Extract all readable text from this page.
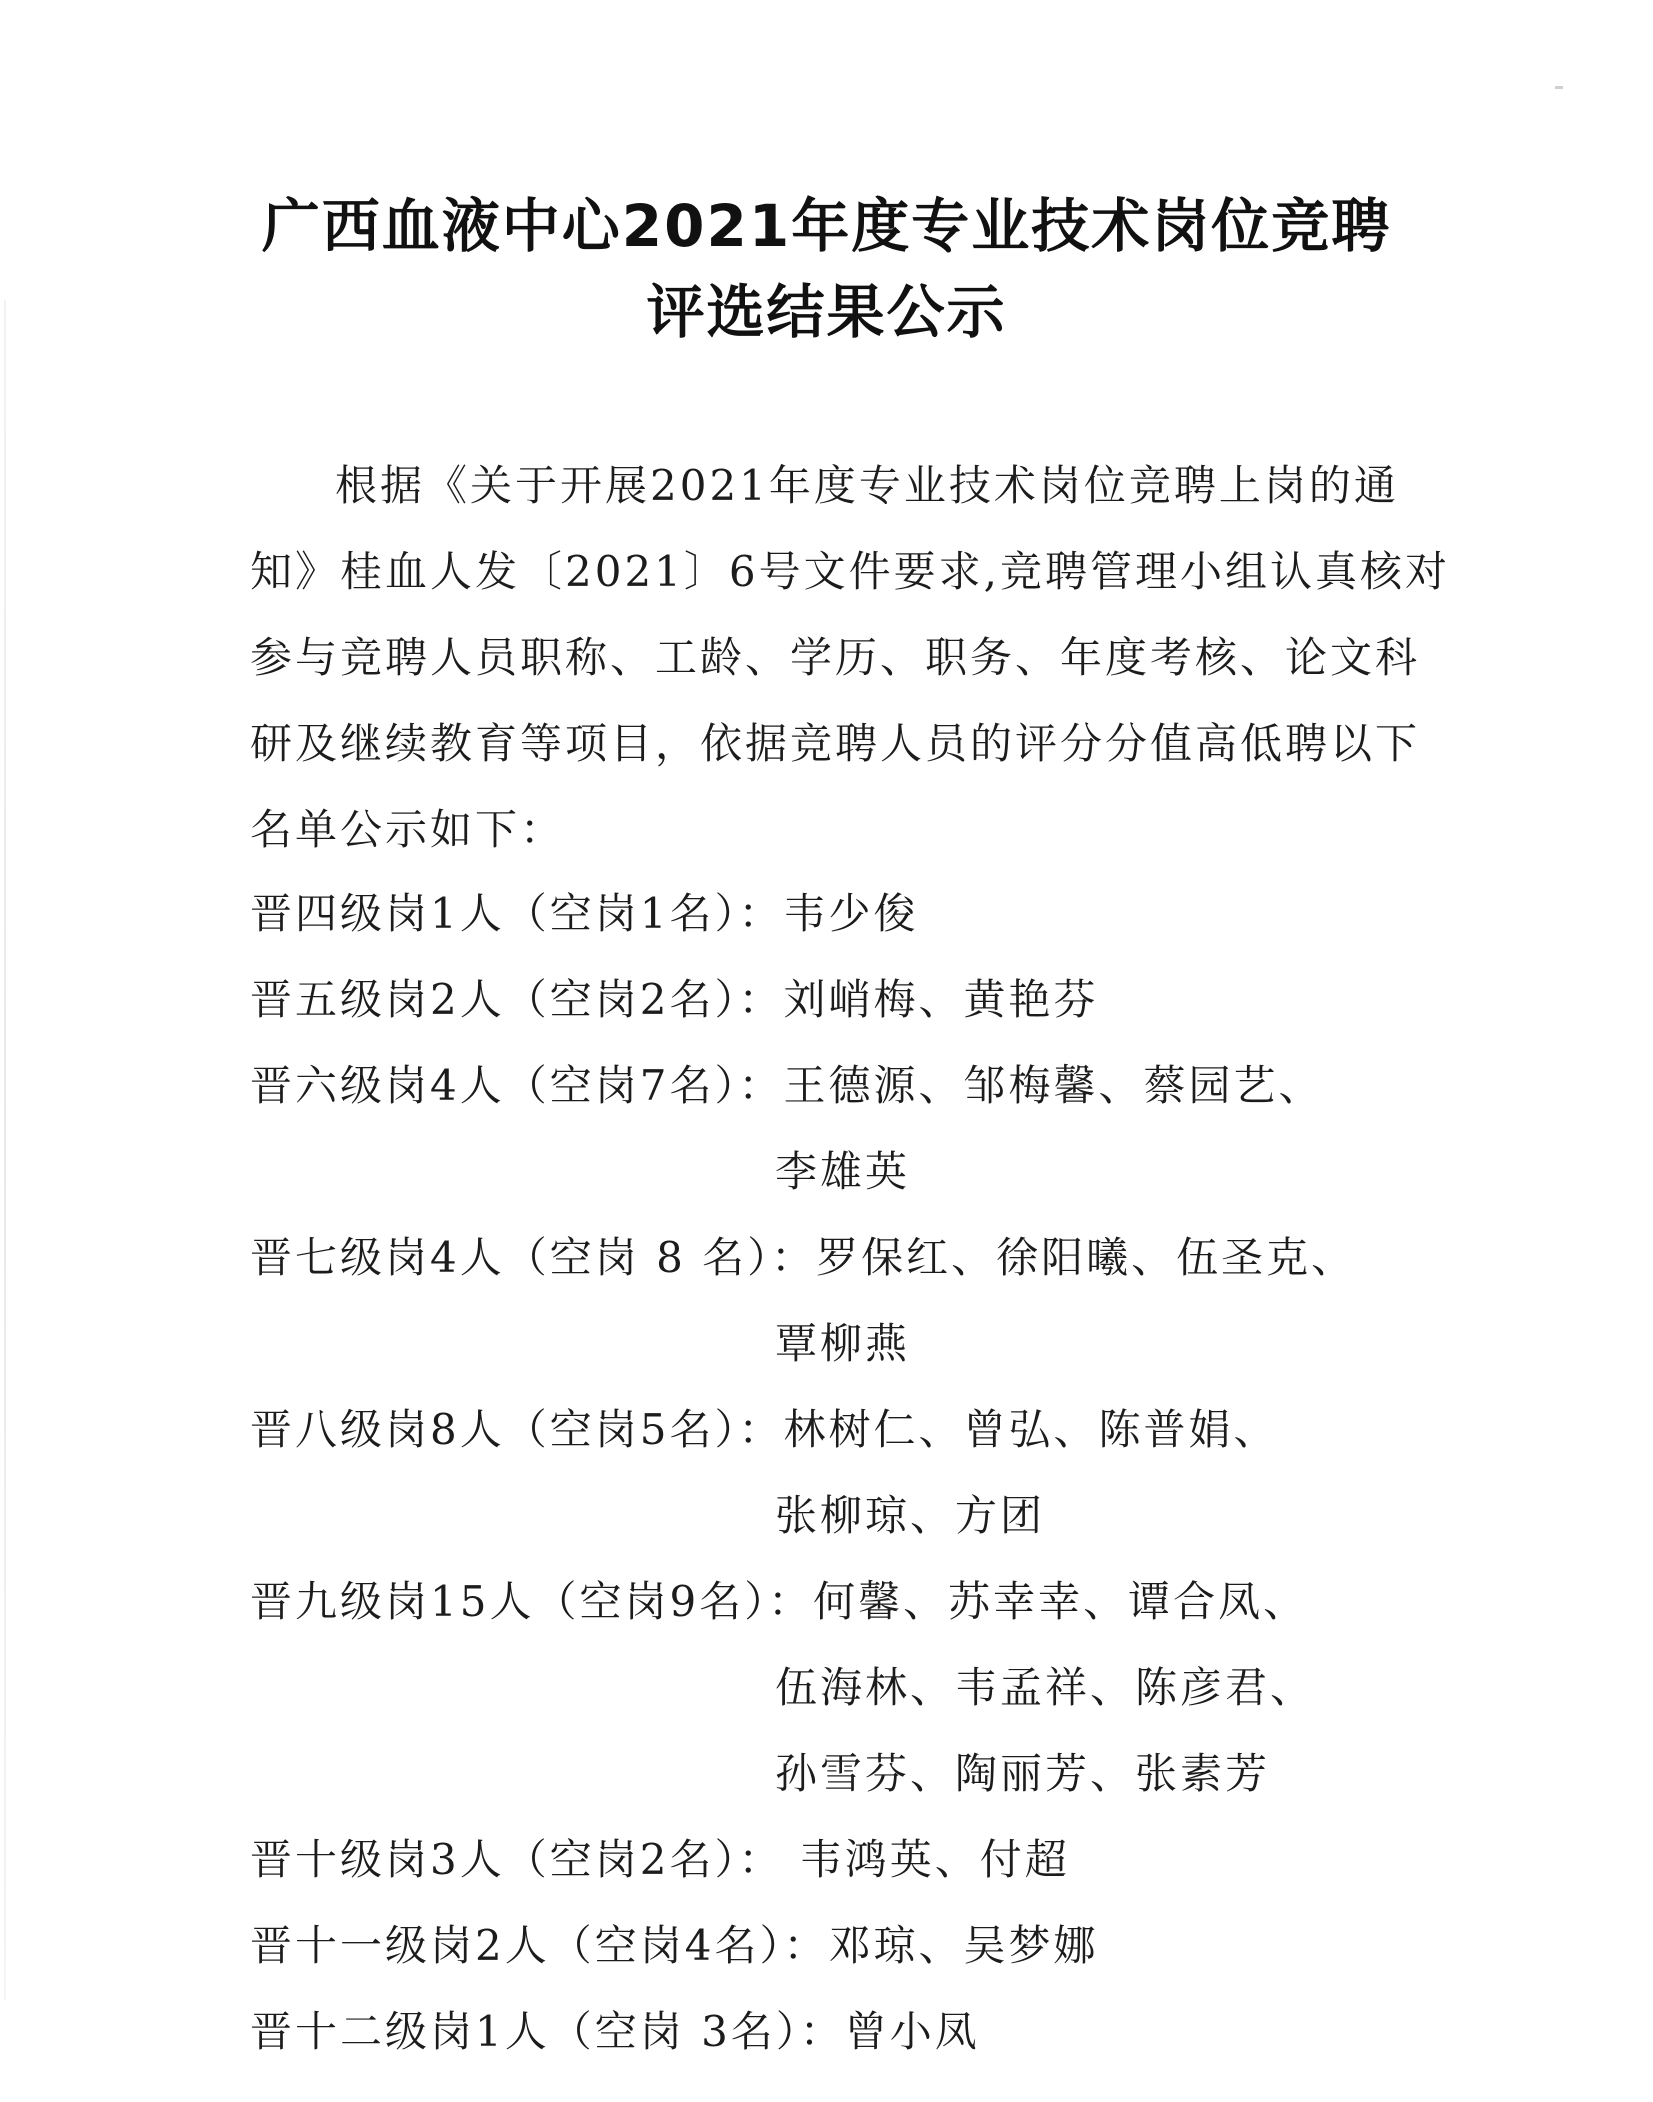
广西血液中心2021年度专业技术岗位竞聘
评选结果公示
根据《关于开展2021年度专业技术岗位竞聘上岗的通
知》桂血人发〔2021〕6号文件要求,竞聘管理小组认真核对
参与竞聘人员职称、工龄、学历、职务、年度考核、论文科
研及继续教育等项目，依据竞聘人员的评分分值高低聘以下
名单公示如下：
晋四级岗1人（空岗1名）：韦少俊
晋五级岗2人（空岗2名）：刘峭梅、黄艳芬
晋六级岗4人（空岗7名）：王德源、邹梅馨、蔡园艺、
李雄英
晋七级岗4人（空岗 8 名）：罗保红、徐阳曦、伍圣克、
覃柳燕
晋八级岗8人（空岗5名）：林树仁、曾弘、陈普娟、
张柳琼、方团
晋九级岗15人（空岗9名）：何馨、苏幸幸、谭合凤、
伍海林、韦孟祥、陈彦君、
孙雪芬、陶丽芳、张素芳
晋十级岗3人（空岗2名）： 韦鸿英、付超
晋十一级岗2人（空岗4名）：邓琼、吴梦娜
晋十二级岗1人（空岗 3名）：曾小凤
